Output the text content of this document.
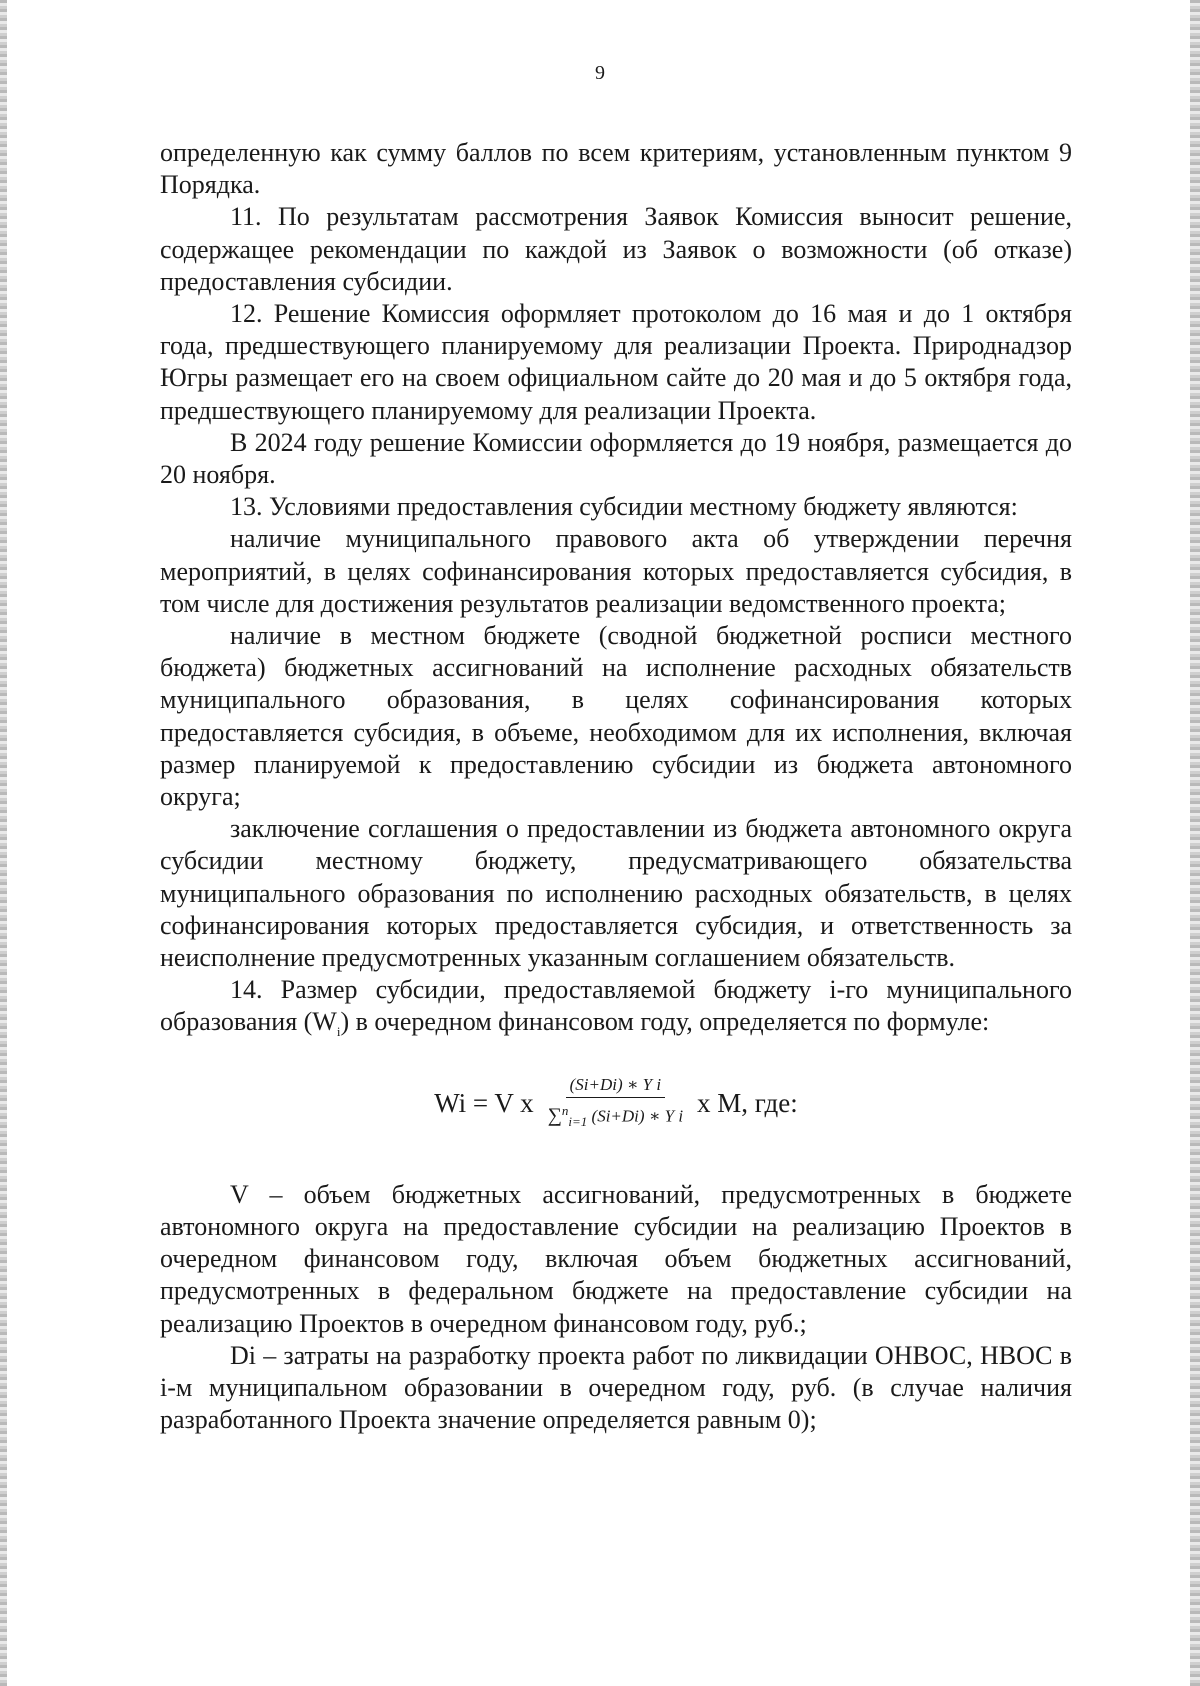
9

определенную как сумму баллов по всем критериям, установленным пунктом 9 Порядка.

11. По результатам рассмотрения Заявок Комиссия выносит решение, содержащее рекомендации по каждой из Заявок о возможности (об отказе) предоставления субсидии.

12. Решение Комиссия оформляет протоколом до 16 мая и до 1 октября года, предшествующего планируемому для реализации Проекта. Природнадзор Югры размещает его на своем официальном сайте до 20 мая и до 5 октября года, предшествующего планируемому для реализации Проекта.

В 2024 году решение Комиссии оформляется до 19 ноября, размещается до 20 ноября.

13. Условиями предоставления субсидии местному бюджету являются:

наличие муниципального правового акта об утверждении перечня мероприятий, в целях софинансирования которых предоставляется субсидия, в том числе для достижения результатов реализации ведомственного проекта;

наличие в местном бюджете (сводной бюджетной росписи местного бюджета) бюджетных ассигнований на исполнение расходных обязательств муниципального образования, в целях софинансирования которых предоставляется субсидия, в объеме, необходимом для их исполнения, включая размер планируемой к предоставлению субсидии из бюджета автономного округа;

заключение соглашения о предоставлении из бюджета автономного округа субсидии местному бюджету, предусматривающего обязательства муниципального образования по исполнению расходных обязательств, в целях софинансирования которых предоставляется субсидия, и ответственность за неисполнение предусмотренных указанным соглашением обязательств.

14. Размер субсидии, предоставляемой бюджету i-го муниципального образования $(W_i)$ в очередном финансовом году, определяется по формуле:

Wi = V x $\frac{\text{(Si+Di) ∗ Y i}}{\sum^n_{i=1} (Si+Di) ∗ Y i}$ x M, где:

V – объем бюджетных ассигнований, предусмотренных в бюджете автономного округа на предоставление субсидии на реализацию Проектов в очередном финансовом году, включая объем бюджетных ассигнований, предусмотренных в федеральном бюджете на предоставление субсидии на реализацию Проектов в очередном финансовом году, руб.;

Di – затраты на разработку проекта работ по ликвидации ОНВОС, НВОС в i-м муниципальном образовании в очередном году, руб. (в случае наличия разработанного Проекта значение определяется равным 0);
